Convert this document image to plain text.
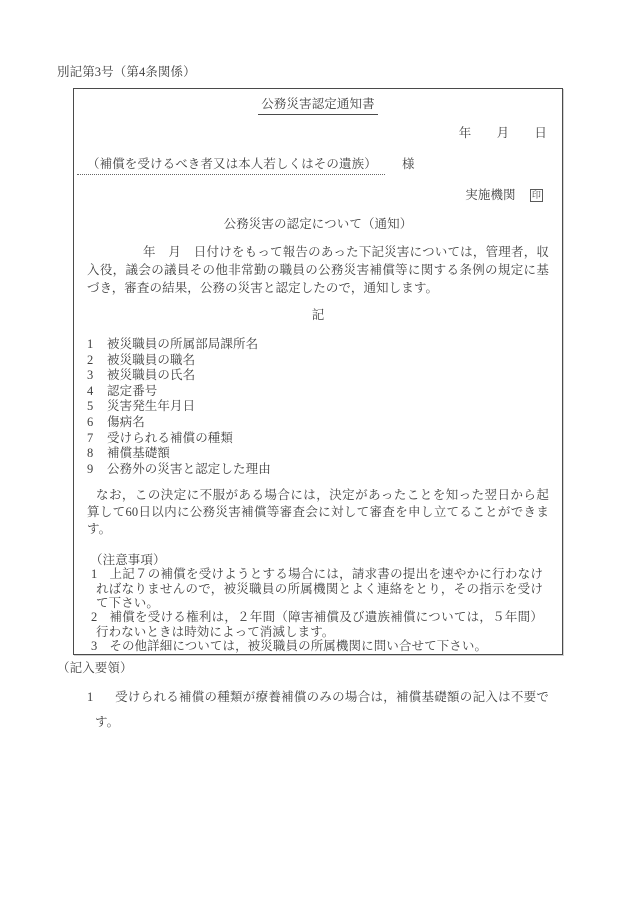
別記第3号（第4条関係）
公務災害認定通知書
年　　月　　日
（補償を受けるべき者又は本人若しくはその遺族） 様
実施機関 印
公務災害の認定について（通知）
年　月　日付けをもって報告のあった下記災害については，管理者，収入役，議会の議員その他非常勤の職員の公務災害補償等に関する条例の規定に基づき，審査の結果，公務の災害と認定したので，通知します。
記
1	被災職員の所属部局課所名
2	被災職員の職名
3	被災職員の氏名
4	認定番号
5	災害発生年月日
6	傷病名
7	受けられる補償の種類
8	補償基礎額
9	公務外の災害と認定した理由
なお，この決定に不服がある場合には，決定があったことを知った翌日から起算して60日以内に公務災害補償等審査会に対して審査を申し立てることができます。
（注意事項）
1 上記７の補償を受けようとする場合には，請求書の提出を速やかに行わなければなりませんので，被災職員の所属機関とよく連絡をとり，その指示を受けて下さい。
2 補償を受ける権利は，２年間（障害補償及び遺族補償については，５年間）行わないときは時効によって消滅します。
3 その他詳細については，被災職員の所属機関に問い合せて下さい。
（記入要領）
1 受けられる補償の種類が療養補償のみの場合は，補償基礎額の記入は不要です。
